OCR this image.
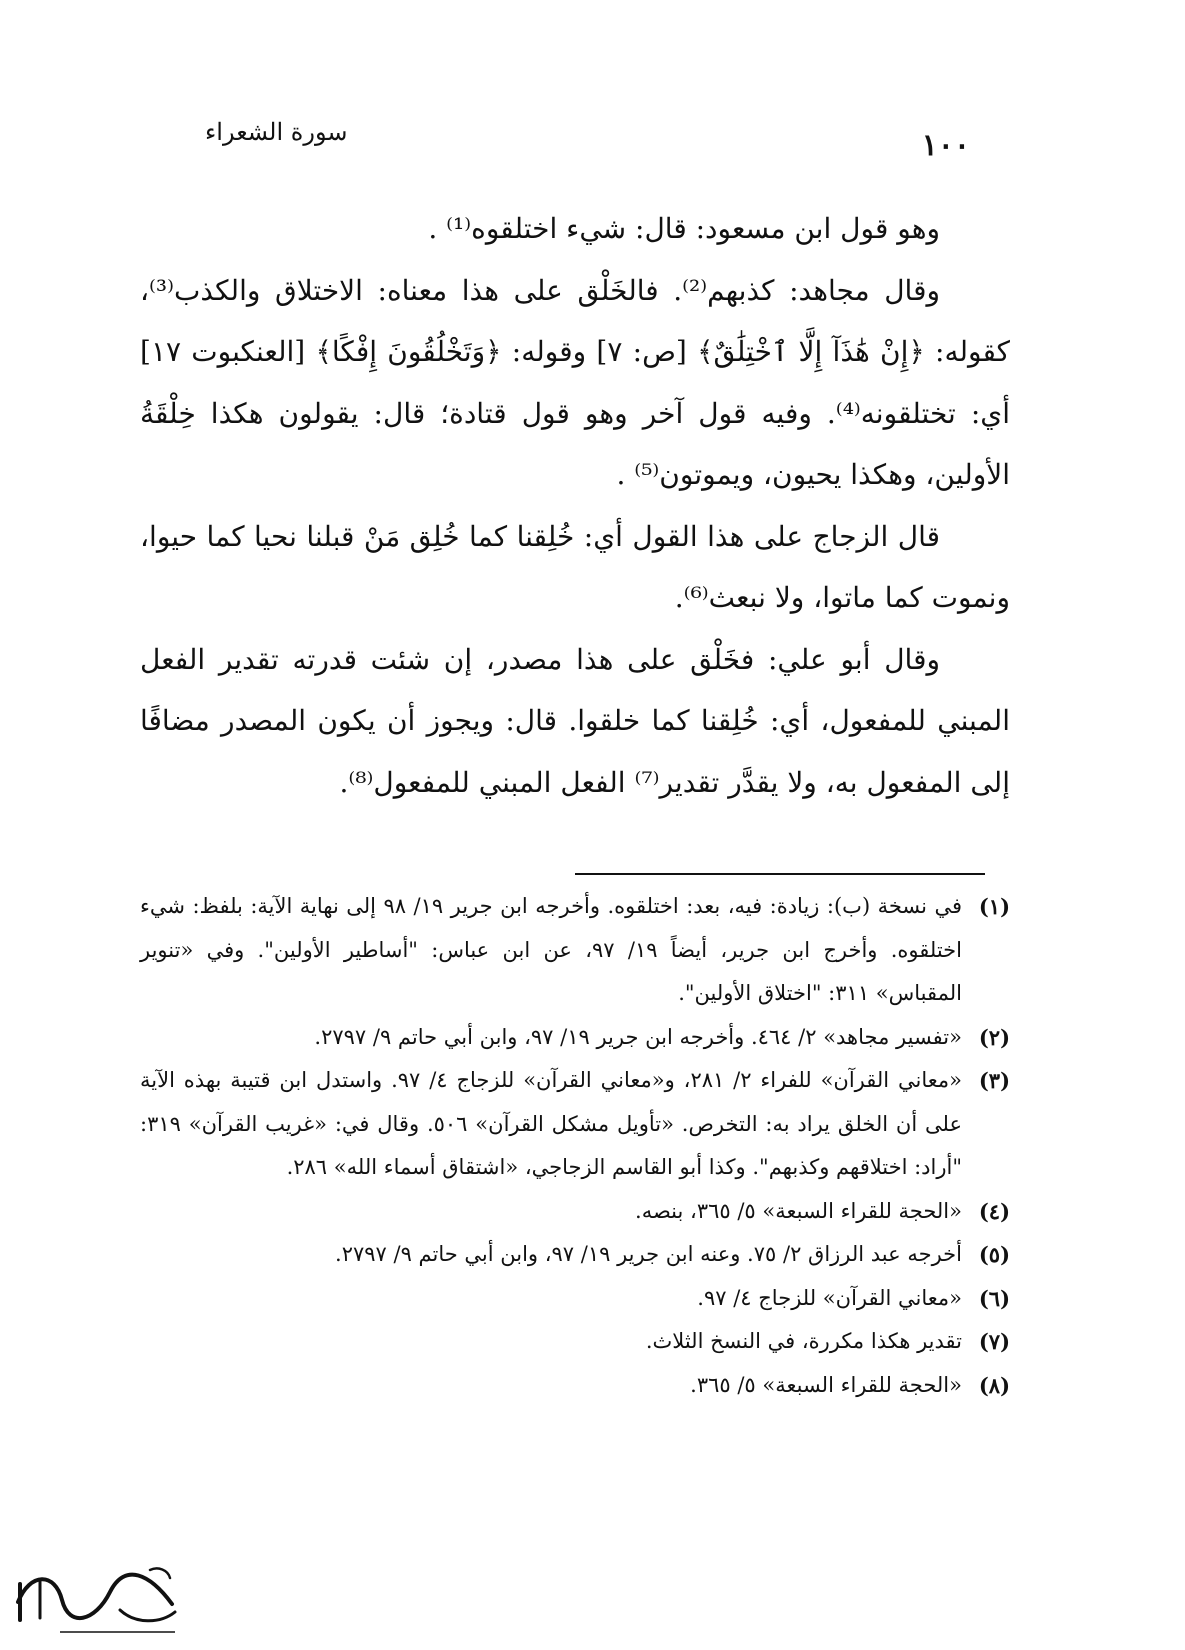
١٠٠
سورة الشعراء

وهو قول ابن مسعود: قال: شيء اختلقوه⁽¹⁾ .

وقال مجاهد: كذبهم⁽²⁾. فالخَلْق على هذا معناه: الاختلاق والكذب⁽³⁾، كقوله: ﴿إِنْ هَٰذَآ إِلَّا ٱخْتِلَٰقٌ﴾ [ص: ٧] وقوله: ﴿وَتَخْلُقُونَ إِفْكًا﴾ [العنكبوت ١٧] أي: تختلقونه⁽⁴⁾. وفيه قول آخر وهو قول قتادة؛ قال: يقولون هكذا خِلْقَةُ الأولين، وهكذا يحيون، ويموتون⁽⁵⁾ .

قال الزجاج على هذا القول أي: خُلِقنا كما خُلِق مَنْ قبلنا نحيا كما حيوا، ونموت كما ماتوا، ولا نبعث⁽⁶⁾.

وقال أبو علي: فخَلْق على هذا مصدر، إن شئت قدرته تقدير الفعل المبني للمفعول، أي: خُلِقنا كما خلقوا. قال: ويجوز أن يكون المصدر مضافًا إلى المفعول به، ولا يقدَّر تقدير⁽⁷⁾ الفعل المبني للمفعول⁽⁸⁾.

(١)
في نسخة (ب): زيادة: فيه، بعد: اختلقوه. وأخرجه ابن جرير ١٩/ ٩٨ إلى نهاية الآية: بلفظ: شيء اختلقوه. وأخرج ابن جرير، أيضاً ١٩/ ٩٧، عن ابن عباس: "أساطير الأولين". وفي «تنوير المقباس» ٣١١: "اختلاق الأولين".

(٢)
«تفسير مجاهد» ٢/ ٤٦٤. وأخرجه ابن جرير ١٩/ ٩٧، وابن أبي حاتم ٩/ ٢٧٩٧.

(٣)
«معاني القرآن» للفراء ٢/ ٢٨١، و«معاني القرآن» للزجاج ٤/ ٩٧. واستدل ابن قتيبة بهذه الآية على أن الخلق يراد به: التخرص. «تأويل مشكل القرآن» ٥٠٦. وقال في: «غريب القرآن» ٣١٩: "أراد: اختلاقهم وكذبهم". وكذا أبو القاسم الزجاجي، «اشتقاق أسماء الله» ٢٨٦.

(٤)
«الحجة للقراء السبعة» ٥/ ٣٦٥، بنصه.

(٥)
أخرجه عبد الرزاق ٢/ ٧٥. وعنه ابن جرير ١٩/ ٩٧، وابن أبي حاتم ٩/ ٢٧٩٧.

(٦)
«معاني القرآن» للزجاج ٤/ ٩٧.

(٧)
تقدير هكذا مكررة، في النسخ الثلاث.

(٨)
«الحجة للقراء السبعة» ٥/ ٣٦٥.
